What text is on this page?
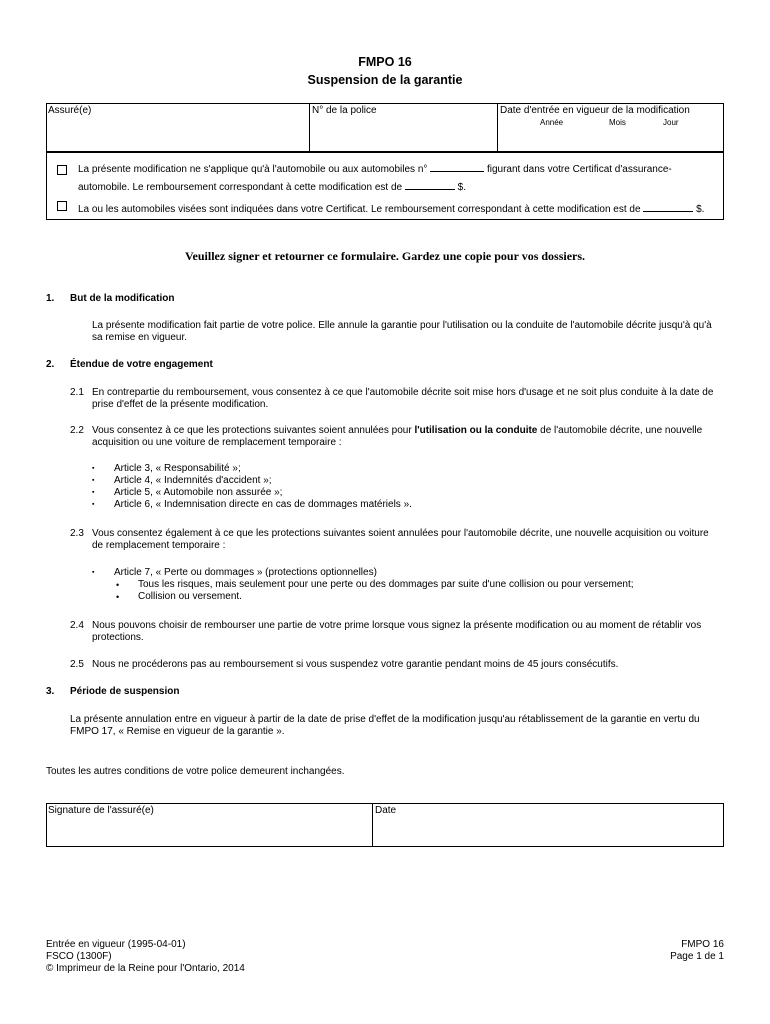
FMPO 16
Suspension de la garantie
Assuré(e)	N° de la police	Date d'entrée en vigueur de la modification
Année	Mois	Jour
La présente modification ne s'applique qu'à l'automobile ou aux automobiles n°	figurant dans votre Certificat d'assurance-
automobile. Le remboursement correspondant à cette modification est de	$.
La ou les automobiles visées sont indiquées dans votre Certificat. Le remboursement correspondant à cette modification est de	$.
Veuillez signer et retourner ce formulaire. Gardez une copie pour vos dossiers.
1. But de la modification
La présente modification fait partie de votre police. Elle annule la garantie pour l'utilisation ou la conduite de l'automobile décrite jusqu'à qu'à
sa remise en vigueur.
2. Étendue de votre engagement
2.1 En contrepartie du remboursement, vous consentez à ce que l'automobile décrite soit mise hors d'usage et ne soit plus conduite à la date de
prise d'effet de la présente modification.
2.2 Vous consentez à ce que les protections suivantes soient annulées pour l'utilisation ou la conduite de l'automobile décrite, une nouvelle
acquisition ou une voiture de remplacement temporaire :
▪ Article 3, « Responsabilité »;
▪ Article 4, « Indemnités d'accident »;
▪ Article 5, « Automobile non assurée »;
▪ Article 6, « Indemnisation directe en cas de dommages matériels ».
2.3 Vous consentez également à ce que les protections suivantes soient annulées pour l'automobile décrite, une nouvelle acquisition ou voiture
de remplacement temporaire :
▪ Article 7, « Perte ou dommages » (protections optionnelles)
• Tous les risques, mais seulement pour une perte ou des dommages par suite d'une collision ou pour versement;
• Collision ou versement.
2.4 Nous pouvons choisir de rembourser une partie de votre prime lorsque vous signez la présente modification ou au moment de rétablir vos
protections.
2.5 Nous ne procéderons pas au remboursement si vous suspendez votre garantie pendant moins de 45 jours consécutifs.
3. Période de suspension
La présente annulation entre en vigueur à partir de la date de prise d'effet de la modification jusqu'au rétablissement de la garantie en vertu du
FMPO 17, « Remise en vigueur de la garantie ».
Toutes les autres conditions de votre police demeurent inchangées.
Signature de l'assuré(e)	Date
Entrée en vigueur (1995-04-01)
FSCO (1300F)
© Imprimeur de la Reine pour l'Ontario, 2014
FMPO 16
Page 1 de 1
